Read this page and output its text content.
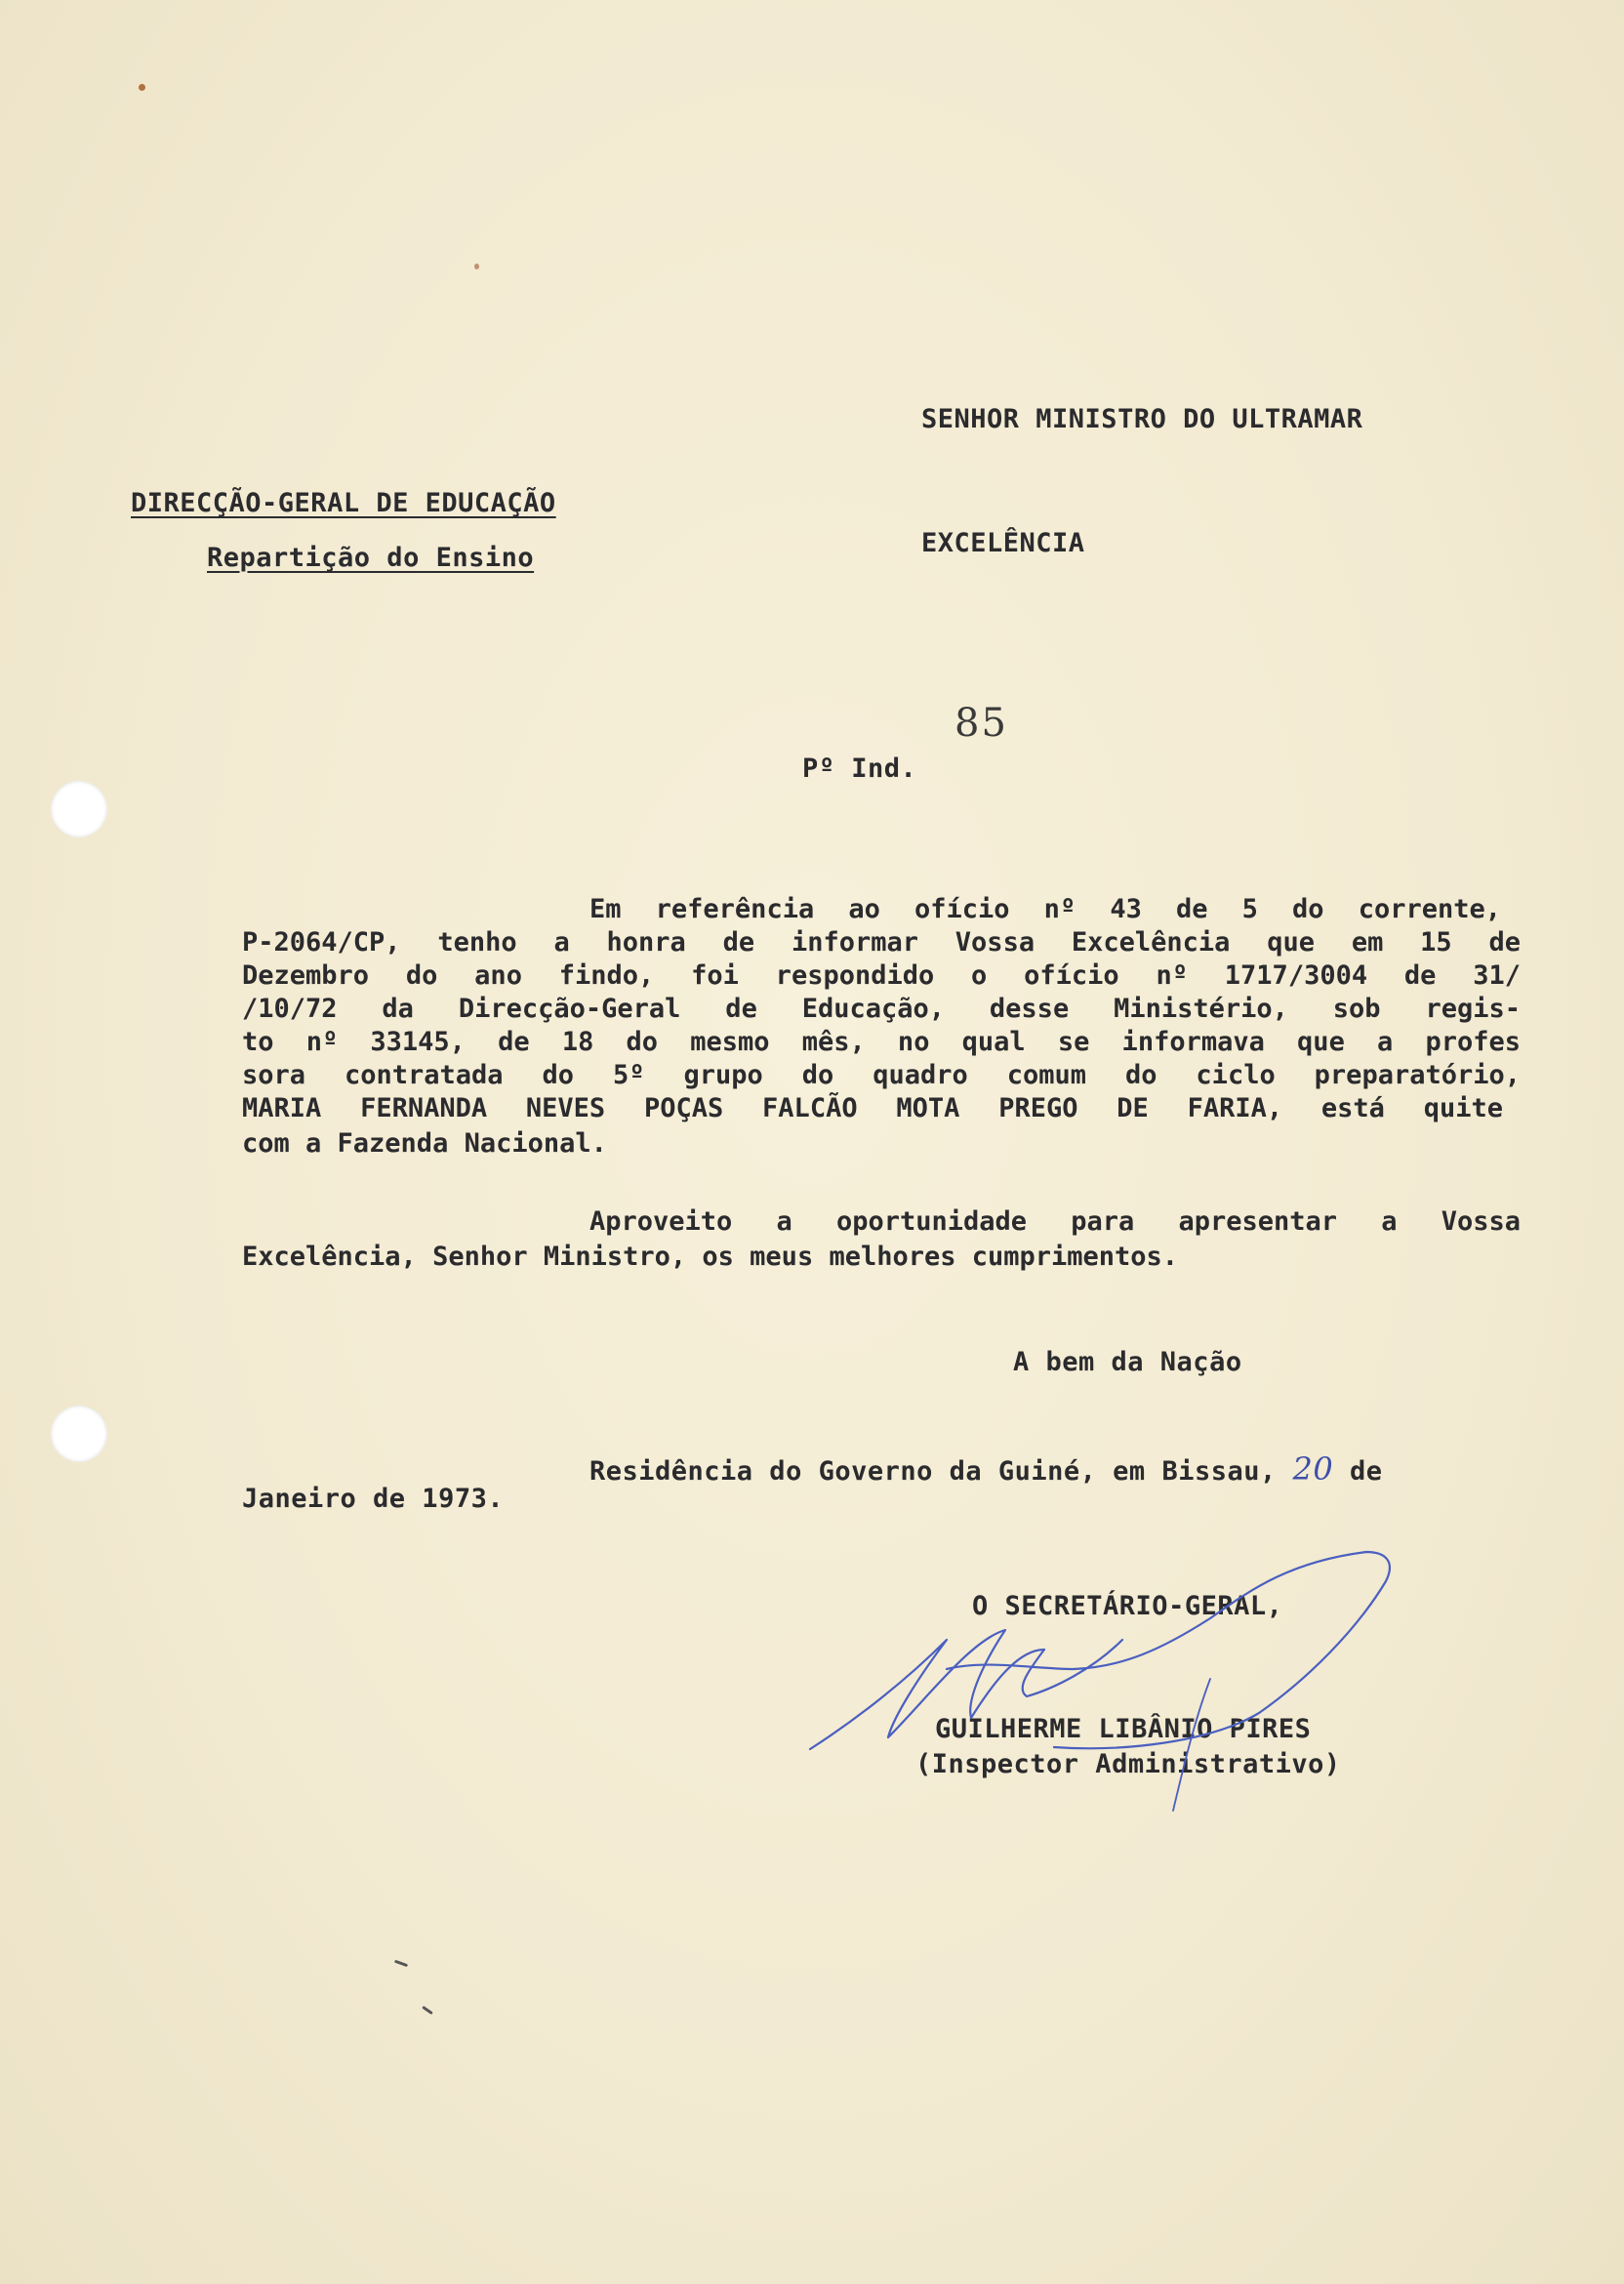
SENHOR MINISTRO DO ULTRAMAR
DIRECÇÃO-GERAL DE EDUCAÇÃO
Repartição do Ensino	EXCELÊNCIA
85
Pº Ind.
Em referência ao ofício nº 43 de 5 do corrente,
P-2064/CP, tenho a honra de informar Vossa Excelência que em 15 de
Dezembro do ano findo, foi respondido o ofício nº 1717/3004 de 31/
/10/72 da Direcção-Geral de Educação, desse Ministério, sob regis-
to nº 33145, de 18 do mesmo mês, no qual se informava que a profes
sora contratada do 5º grupo do quadro comum do ciclo preparatório,
MARIA FERNANDA NEVES POÇAS FALCÃO MOTA PREGO DE FARIA, está quite
com a Fazenda Nacional.
Aproveito a oportunidade para apresentar a Vossa
Excelência, Senhor Ministro, os meus melhores cumprimentos.
A bem da Nação
Residência do Governo da Guiné, em Bissau, 20 de
Janeiro de 1973.
O SECRETÁRIO-GERAL,
GUILHERME LIBÂNIO PIRES
(Inspector Administrativo)
